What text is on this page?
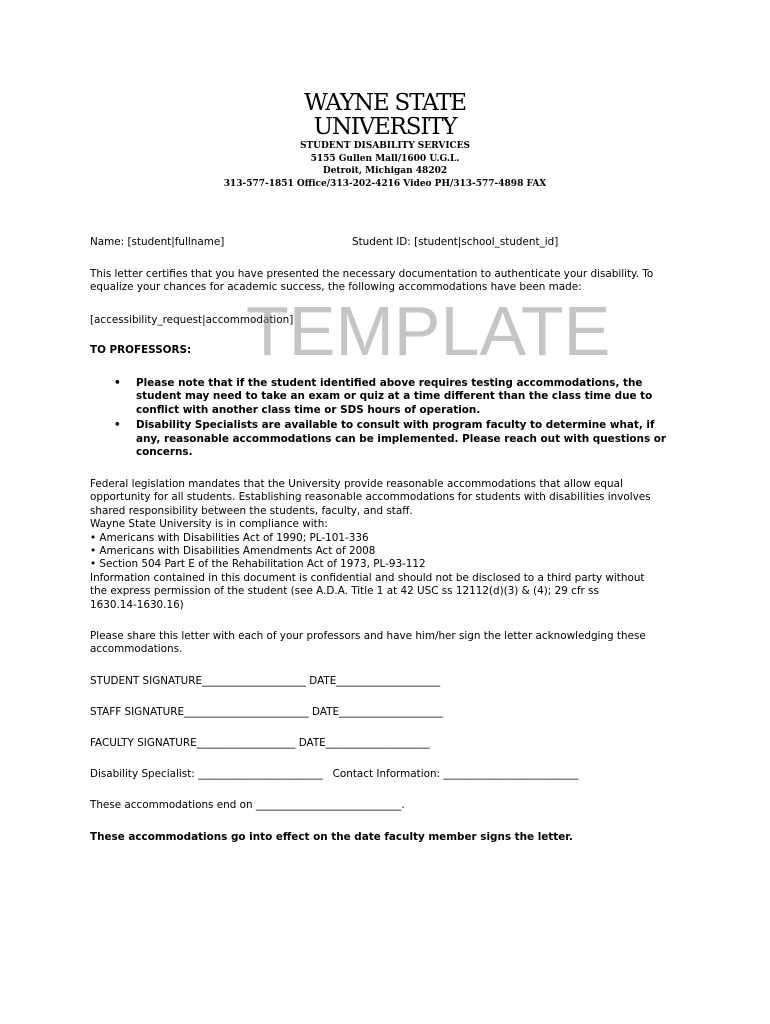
WAYNE STATE
UNIVERSITY
STUDENT DISABILITY SERVICES
5155 Gullen Mall/1600 U.G.L.
Detroit, Michigan 48202
313-577-1851 Office/313-202-4216 Video PH/313-577-4898 FAX
Name: [student|fullname]	Student ID: [student|school_student_id]

This letter certifies that you have presented the necessary documentation to authenticate your disability. To

equalize your chances for academic success, the following accommodations have been made:

[accessibility_request|accommodation]
TEMPLATE
TO PROFESSORS:
• Please note that if the student identified above requires testing accommodations, the

student may need to take an exam or quiz at a time different than the class time due to

conflict with another class time or SDS hours of operation.

• Disability Specialists are available to consult with program faculty to determine what, if

any, reasonable accommodations can be implemented. Please reach out with questions or

concerns.

Federal legislation mandates that the University provide reasonable accommodations that allow equal

opportunity for all students. Establishing reasonable accommodations for students with disabilities involves

shared responsibility between the students, faculty, and staff.

Wayne State University is in compliance with:

• Americans with Disabilities Act of 1990; PL-101-336

• Americans with Disabilities Amendments Act of 2008

• Section 504 Part E of the Rehabilitation Act of 1973, PL-93-112

Information contained in this document is confidential and should not be disclosed to a third party without

the express permission of the student (see A.D.A. Title 1 at 42 USC ss 12112(d)(3) & (4); 29 cfr ss

1630.14-1630.16)

Please share this letter with each of your professors and have him/her sign the letter acknowledging these

accommodations.

STUDENT SIGNATURE____________________ DATE____________________
STAFF SIGNATURE________________________ DATE____________________
FACULTY SIGNATURE___________________ DATE____________________
Disability Specialist: ________________________   Contact Information: __________________________
These accommodations end on ____________________________.
These accommodations go into effect on the date faculty member signs the letter.
